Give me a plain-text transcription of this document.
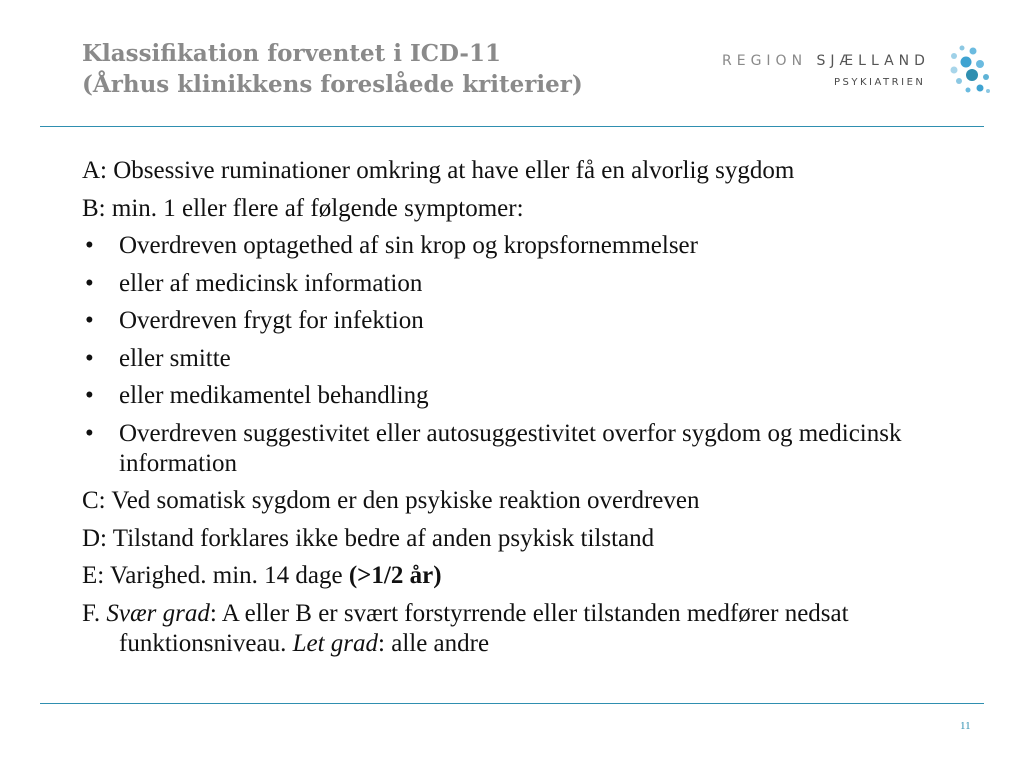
Klassifikation forventet i ICD-11
(Århus klinikkens foreslåede kriterier)
REGION SJÆLLAND
PSYKIATRIEN
A: Obsessive ruminationer omkring at have eller få en alvorlig sygdom
B: min. 1 eller flere af følgende symptomer:
• Overdreven optagethed af sin krop og kropsfornemmelser
• eller af medicinsk information
• Overdreven frygt for infektion
• eller smitte
• eller medikamentel behandling
• Overdreven suggestivitet eller autosuggestivitet overfor sygdom og medicinsk information
C: Ved somatisk sygdom er den psykiske reaktion overdreven
D: Tilstand forklares ikke bedre af anden psykisk tilstand
E: Varighed. min. 14 dage (>1/2 år)
F. Svær grad: A eller B er svært forstyrrende eller tilstanden medfører nedsat funktionsniveau. Let grad: alle andre
11
